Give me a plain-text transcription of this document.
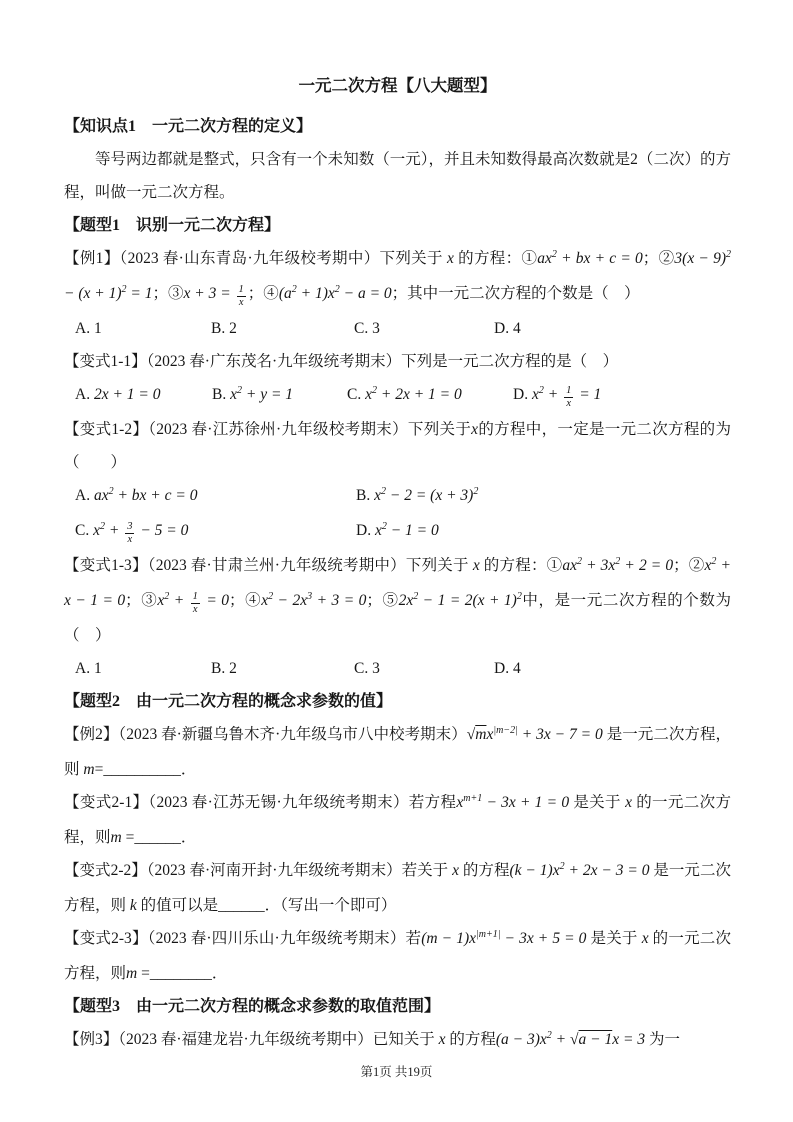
一元二次方程【八大题型】
【知识点1　一元二次方程的定义】
等号两边都就是整式，只含有一个未知数（一元），并且未知数得最高次数就是2（二次）的方程，叫做一元二次方程。
【题型1　识别一元二次方程】
【例1】（2023 春·山东青岛·九年级校考期中）下列关于 x 的方程：$①ax^2$ + bx + c = 0；②3(x − $9)^2 - (x + 1)^2 = 1$；③x + $3 = \frac{1}{x}$ ；$④(a^2 + 1)x^2 - a = 0$；其中一元二次方程的个数是（　）
A. 1	B. 2	C. 3	D. 4
【变式1-1】（2023 春·广东茂名·九年级统考期末）下列是一元二次方程的是（　）
A. 2x + 1 = 0	B. $x^2 + y = 1$	C. $x^2 + 2x + 1 = 0$	D. $x^2 + \frac{1}{x} = 1$
【变式1-2】（2023 春·江苏徐州·九年级校考期末）下列关于x的方程中，一定是一元二次方程的为（　　）
A. $ax^2$ + bx + c = 0	B. $x^2 - 2 = (x + 3)^2$
C. $x^2 + \frac{3}{x} - 5 = 0$	D. $x^2 - 1 = 0$
【变式1-3】（2023 春·甘肃兰州·九年级统考期中）下列关于 x 的方程：$①ax^2 + 3x^2 + 2 = 0$；$②x^2 + x - 1 = 0$；$③x^2 + \frac{1}{x} = 0$；$④x^2 - 2x^3 + 3 = 0$；$⑤2x^2 - 1 = 2(x + 1)^2$中，是一元二次方程的个数为（　）
A. 1	B. 2	C. 3	D. 4
【题型2　由一元二次方程的概念求参数的值】
【例2】（2023 春·新疆乌鲁木齐·九年级乌市八中校考期末）$√mx^{|m-2|} + 3x - 7 = 0$ 是一元二次方程，则 m=__________．
【变式2-1】（2023 春·江苏无锡·九年级统考期末）若方程$x^{m+1} - 3x + 1 = 0$ 是关于 x 的一元二次方程，则m =______．
【变式2-2】（2023 春·河南开封·九年级统考期末）若关于 x 的方程$(k - 1)x^2 + 2x - 3 = 0$ 是一元二次方程，则 k 的值可以是______．（写出一个即可）
【变式2-3】（2023 春·四川乐山·九年级统考期末）若$(m - 1)x^{|m+1|} - 3x + 5 = 0$ 是关于 x 的一元二次方程，则m =________．
【题型3　由一元二次方程的概念求参数的取值范围】
【例3】（2023 春·福建龙岩·九年级统考期中）已知关于 x 的方程$(a - 3)x^2 + √a - 1x = 3$ 为一
第1页 共19页
